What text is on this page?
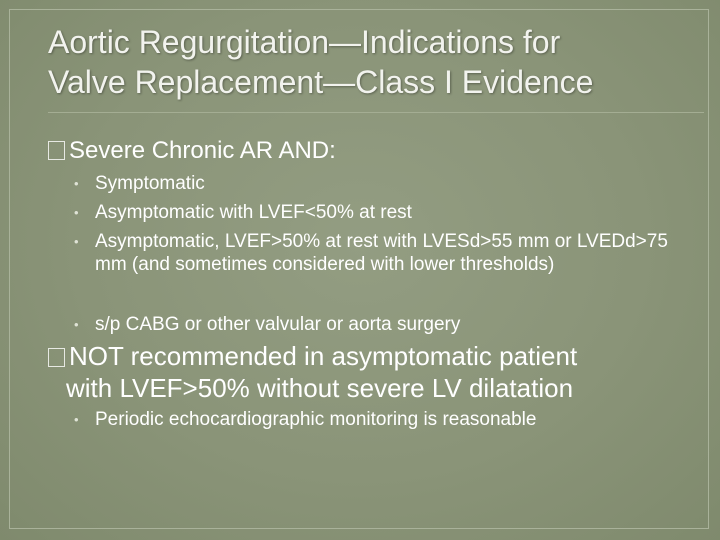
Aortic Regurgitation—Indications for
Valve Replacement—Class I Evidence
Severe Chronic AR AND:
• Symptomatic
• Asymptomatic with LVEF<50% at rest
• Asymptomatic, LVEF>50% at rest with LVESd>55 mm or LVEDd>75 mm (and sometimes considered with lower thresholds)
• s/p CABG or other valvular or aorta surgery
NOT recommended in asymptomatic patient
with LVEF>50% without severe LV dilatation
• Periodic echocardiographic monitoring is reasonable
